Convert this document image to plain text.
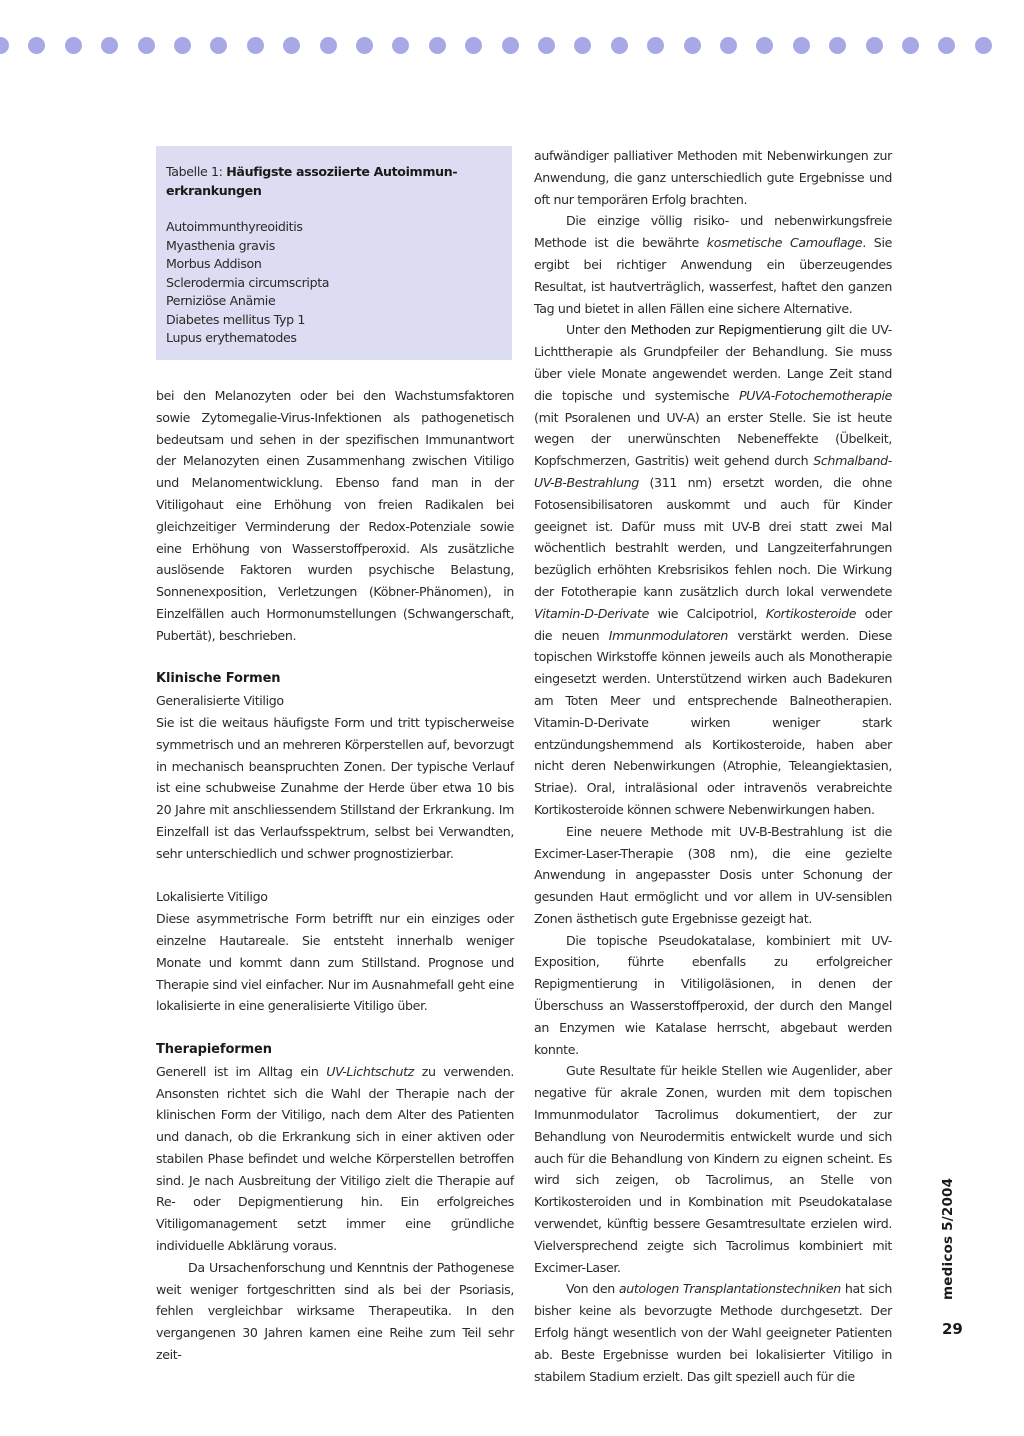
Tabelle 1: Häufigste assoziierte Autoimmun-erkrankungen

Autoimmunthyreoiditis
Myasthenia gravis
Morbus Addison
Sclerodermia circumscripta
Perniziöse Anämie
Diabetes mellitus Typ 1
Lupus erythematodes

bei den Melanozyten oder bei den Wachstumsfaktoren sowie Zytomegalie-Virus-Infektionen als pathogenetisch bedeutsam und sehen in der spezifischen Immunantwort der Melanozyten einen Zusammenhang zwischen Vitiligo und Melanomentwicklung. Ebenso fand man in der Vitiligohaut eine Erhöhung von freien Radikalen bei gleichzeitiger Verminderung der Redox-Potenziale sowie eine Erhöhung von Wasserstoffperoxid. Als zusätzliche auslösende Faktoren wurden psychische Belastung, Sonnenexposition, Verletzungen (Köbner-Phänomen), in Einzelfällen auch Hormonumstellungen (Schwangerschaft, Pubertät), beschrieben.

Klinische Formen
Generalisierte Vitiligo

Sie ist die weitaus häufigste Form und tritt typischerweise symmetrisch und an mehreren Körperstellen auf, bevorzugt in mechanisch beanspruchten Zonen. Der typische Verlauf ist eine schubweise Zunahme der Herde über etwa 10 bis 20 Jahre mit anschliessendem Stillstand der Erkrankung. Im Einzelfall ist das Verlaufsspektrum, selbst bei Verwandten, sehr unterschiedlich und schwer prognostizierbar.

Lokalisierte Vitiligo

Diese asymmetrische Form betrifft nur ein einziges oder einzelne Hautareale. Sie entsteht innerhalb weniger Monate und kommt dann zum Stillstand. Prognose und Therapie sind viel einfacher. Nur im Ausnahmefall geht eine lokalisierte in eine generalisierte Vitiligo über.

Therapieformen

Generell ist im Alltag ein UV-Lichtschutz zu verwenden. Ansonsten richtet sich die Wahl der Therapie nach der klinischen Form der Vitiligo, nach dem Alter des Patienten und danach, ob die Erkrankung sich in einer aktiven oder stabilen Phase befindet und welche Körperstellen betroffen sind. Je nach Ausbreitung der Vitiligo zielt die Therapie auf Re- oder Depigmentierung hin. Ein erfolgreiches Vitiligomanagement setzt immer eine gründliche individuelle Abklärung voraus.

Da Ursachenforschung und Kenntnis der Pathogenese weit weniger fortgeschritten sind als bei der Psoriasis, fehlen vergleichbar wirksame Therapeutika. In den vergangenen 30 Jahren kamen eine Reihe zum Teil sehr zeit-

aufwändiger palliativer Methoden mit Nebenwirkungen zur Anwendung, die ganz unterschiedlich gute Ergebnisse und oft nur temporären Erfolg brachten.

Die einzige völlig risiko- und nebenwirkungsfreie Methode ist die bewährte kosmetische Camouflage. Sie ergibt bei richtiger Anwendung ein überzeugendes Resultat, ist hautverträglich, wasserfest, haftet den ganzen Tag und bietet in allen Fällen eine sichere Alternative.

Unter den Methoden zur Repigmentierung gilt die UV-Lichttherapie als Grundpfeiler der Behandlung. Sie muss über viele Monate angewendet werden. Lange Zeit stand die topische und systemische PUVA-Fotochemotherapie (mit Psoralenen und UV-A) an erster Stelle. Sie ist heute wegen der unerwünschten Nebeneffekte (Übelkeit, Kopfschmerzen, Gastritis) weit gehend durch Schmalband-UV-B-Bestrahlung (311 nm) ersetzt worden, die ohne Fotosensibilisatoren auskommt und auch für Kinder geeignet ist. Dafür muss mit UV-B drei statt zwei Mal wöchentlich bestrahlt werden, und Langzeiterfahrungen bezüglich erhöhten Krebsrisikos fehlen noch. Die Wirkung der Fototherapie kann zusätzlich durch lokal verwendete Vitamin-D-Derivate wie Calcipotriol, Kortikosteroide oder die neuen Immunmodulatoren verstärkt werden. Diese topischen Wirkstoffe können jeweils auch als Monotherapie eingesetzt werden. Unterstützend wirken auch Badekuren am Toten Meer und entsprechende Balneotherapien. Vitamin-D-Derivate wirken weniger stark entzündungshemmend als Kortikosteroide, haben aber nicht deren Nebenwirkungen (Atrophie, Teleangiektasien, Striae). Oral, intraläsional oder intravenös verabreichte Kortikosteroide können schwere Nebenwirkungen haben.

Eine neuere Methode mit UV-B-Bestrahlung ist die Excimer-Laser-Therapie (308 nm), die eine gezielte Anwendung in angepasster Dosis unter Schonung der gesunden Haut ermöglicht und vor allem in UV-sensiblen Zonen ästhetisch gute Ergebnisse gezeigt hat.

Die topische Pseudokatalase, kombiniert mit UV-Exposition, führte ebenfalls zu erfolgreicher Repigmentierung in Vitiligoläsionen, in denen der Überschuss an Wasserstoffperoxid, der durch den Mangel an Enzymen wie Katalase herrscht, abgebaut werden konnte.

Gute Resultate für heikle Stellen wie Augenlider, aber negative für akrale Zonen, wurden mit dem topischen Immunmodulator Tacrolimus dokumentiert, der zur Behandlung von Neurodermitis entwickelt wurde und sich auch für die Behandlung von Kindern zu eignen scheint. Es wird sich zeigen, ob Tacrolimus, an Stelle von Kortikosteroiden und in Kombination mit Pseudokatalase verwendet, künftig bessere Gesamtresultate erzielen wird. Vielversprechend zeigte sich Tacrolimus kombiniert mit Excimer-Laser.

Von den autologen Transplantationstechniken hat sich bisher keine als bevorzugte Methode durchgesetzt. Der Erfolg hängt wesentlich von der Wahl geeigneter Patienten ab. Beste Ergebnisse wurden bei lokalisierter Vitiligo in stabilem Stadium erzielt. Das gilt speziell auch für die

medicos 5/2004
29
